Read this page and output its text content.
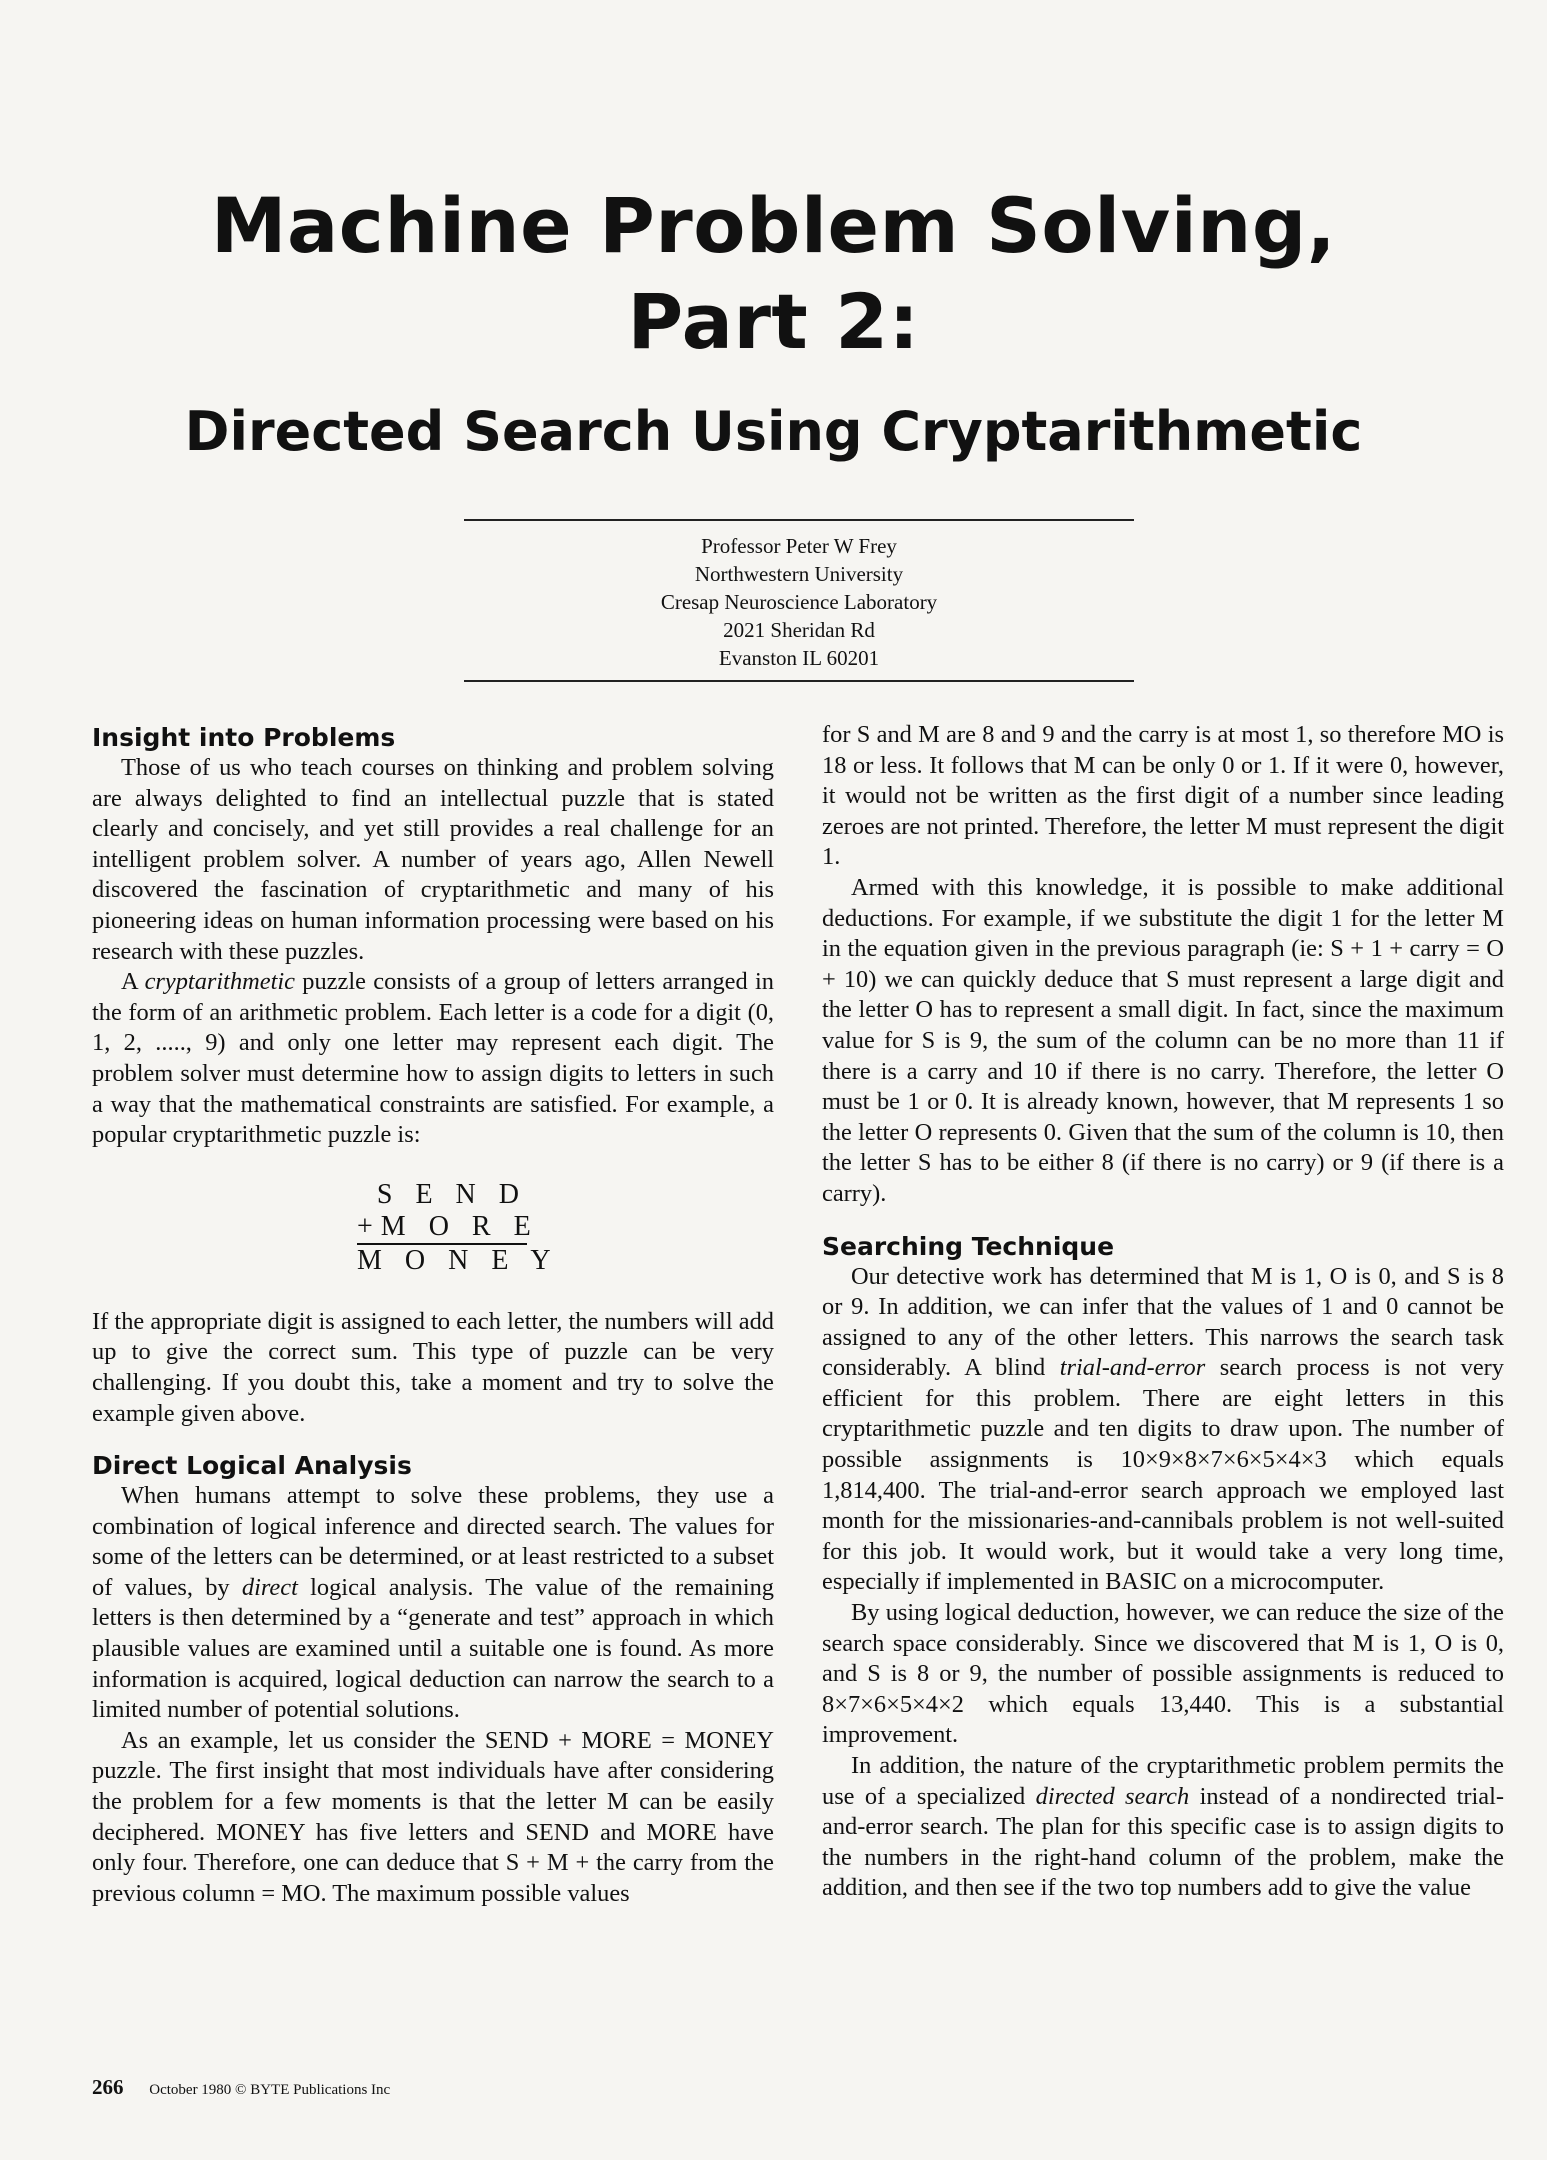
Machine Problem Solving,
Part 2:
Directed Search Using Cryptarithmetic
Professor Peter W Frey
Northwestern University
Cresap Neuroscience Laboratory
2021 Sheridan Rd
Evanston IL 60201
Insight into Problems

Those of us who teach courses on thinking and problem solving are always delighted to find an intellectual puzzle that is stated clearly and concisely, and yet still provides a real challenge for an intelligent problem solver. A number of years ago, Allen Newell discovered the fascination of cryptarithmetic and many of his pioneering ideas on human information processing were based on his research with these puzzles.

A cryptarithmetic puzzle consists of a group of letters arranged in the form of an arithmetic problem. Each letter is a code for a digit (0, 1, 2, ....., 9) and only one letter may represent each digit. The problem solver must determine how to assign digits to letters in such a way that the mathematical constraints are satisfied. For example, a popular cryptarithmetic puzzle is:

S E N D
+M O R E
M O N E Y

If the appropriate digit is assigned to each letter, the numbers will add up to give the correct sum. This type of puzzle can be very challenging. If you doubt this, take a moment and try to solve the example given above.

Direct Logical Analysis

When humans attempt to solve these problems, they use a combination of logical inference and directed search. The values for some of the letters can be determined, or at least restricted to a subset of values, by direct logical analysis. The value of the remaining letters is then determined by a “generate and test” approach in which plausible values are examined until a suitable one is found. As more information is acquired, logical deduction can narrow the search to a limited number of potential solutions.

As an example, let us consider the SEND + MORE = MONEY puzzle. The first insight that most individuals have after considering the problem for a few moments is that the letter M can be easily deciphered. MONEY has five letters and SEND and MORE have only four. Therefore, one can deduce that S + M + the carry from the previous column = MO. The maximum possible values

for S and M are 8 and 9 and the carry is at most 1, so therefore MO is 18 or less. It follows that M can be only 0 or 1. If it were 0, however, it would not be written as the first digit of a number since leading zeroes are not printed. Therefore, the letter M must represent the digit 1.

Armed with this knowledge, it is possible to make additional deductions. For example, if we substitute the digit 1 for the letter M in the equation given in the previous paragraph (ie: S + 1 + carry = O + 10) we can quickly deduce that S must represent a large digit and the letter O has to represent a small digit. In fact, since the maximum value for S is 9, the sum of the column can be no more than 11 if there is a carry and 10 if there is no carry. Therefore, the letter O must be 1 or 0. It is already known, however, that M represents 1 so the letter O represents 0. Given that the sum of the column is 10, then the letter S has to be either 8 (if there is no carry) or 9 (if there is a carry).

Searching Technique

Our detective work has determined that M is 1, O is 0, and S is 8 or 9. In addition, we can infer that the values of 1 and 0 cannot be assigned to any of the other letters. This narrows the search task considerably. A blind trial-and-error search process is not very efficient for this problem. There are eight letters in this cryptarithmetic puzzle and ten digits to draw upon. The number of possible assignments is 10×9×8×7×6×5×4×3 which equals 1,814,400. The trial-and-error search approach we employed last month for the missionaries-and-cannibals problem is not well-suited for this job. It would work, but it would take a very long time, especially if implemented in BASIC on a microcomputer.

By using logical deduction, however, we can reduce the size of the search space considerably. Since we discovered that M is 1, O is 0, and S is 8 or 9, the number of possible assignments is reduced to 8×7×6×5×4×2 which equals 13,440. This is a substantial improvement.

In addition, the nature of the cryptarithmetic problem permits the use of a specialized directed search instead of a nondirected trial-and-error search. The plan for this specific case is to assign digits to the numbers in the right-hand column of the problem, make the addition, and then see if the two top numbers add to give the value

266 October 1980 © BYTE Publications Inc
